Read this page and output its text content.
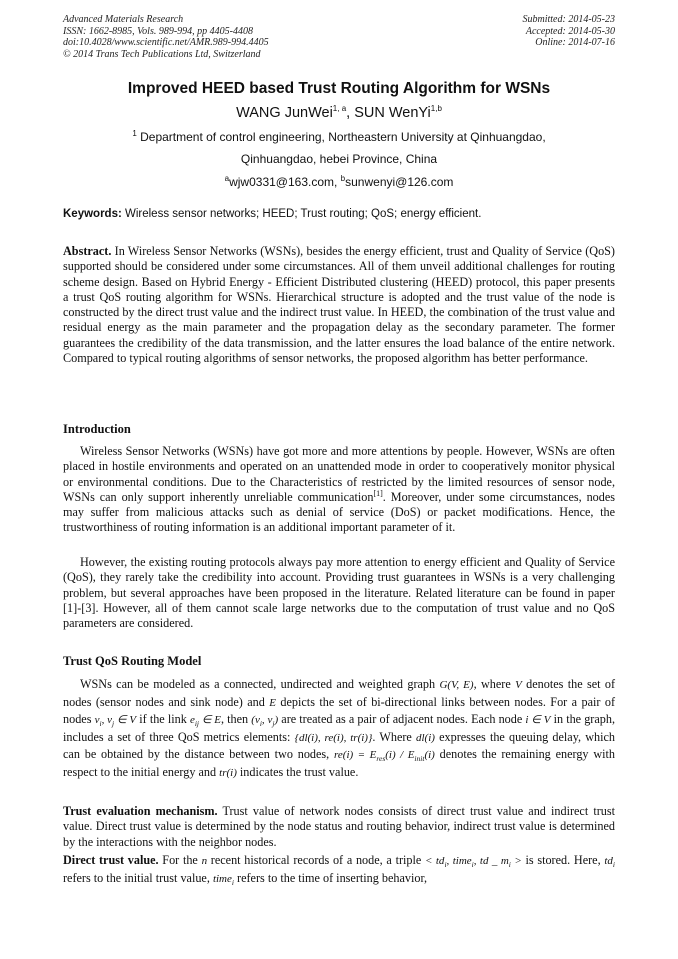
Advanced Materials Research
ISSN: 1662-8985, Vols. 989-994, pp 4405-4408
doi:10.4028/www.scientific.net/AMR.989-994.4405
© 2014 Trans Tech Publications Ltd, Switzerland
Submitted: 2014-05-23
Accepted: 2014-05-30
Online: 2014-07-16
Improved HEED based Trust Routing Algorithm for WSNs
WANG JunWei$^{1, a}$, SUN WenYi$^{1,b}$
$^1$ Department of control engineering, Northeastern University at Qinhuangdao,
Qinhuangdao, hebei Province, China
$^a$wjw0331@163.com, $^b$sunwenyi@126.com
Keywords: Wireless sensor networks; HEED; Trust routing; QoS; energy efficient.
Abstract. In Wireless Sensor Networks (WSNs), besides the energy efficient, trust and Quality of Service (QoS) supported should be considered under some circumstances. All of them unveil additional challenges for routing scheme design. Based on Hybrid Energy - Efficient Distributed clustering (HEED) protocol, this paper presents a trust QoS routing algorithm for WSNs. Hierarchical structure is adopted and the trust value of the node is constructed by the direct trust value and the indirect trust value. In HEED, the combination of the trust value and residual energy as the main parameter and the propagation delay as the secondary parameter. The former guarantees the credibility of the data transmission, and the latter ensures the load balance of the entire network. Compared to typical routing algorithms of sensor networks, the proposed algorithm has better performance.
Introduction
Wireless Sensor Networks (WSNs) have got more and more attentions by people. However, WSNs are often placed in hostile environments and operated on an unattended mode in order to cooperatively monitor physical or environmental conditions. Due to the Characteristics of restricted by the limited resources of sensor node, WSNs can only support inherently unreliable communication[1]. Moreover, under some circumstances, nodes may suffer from malicious attacks such as denial of service (DoS) or packet modifications. Hence, the trustworthiness of routing information is an additional important parameter of it.
However, the existing routing protocols always pay more attention to energy efficient and Quality of Service (QoS), they rarely take the credibility into account. Providing trust guarantees in WSNs is a very challenging problem, but several approaches have been proposed in the literature. Related literature can be found in paper [1]-[3]. However, all of them cannot scale large networks due to the computation of trust value and no QoS parameters are considered.
Trust QoS Routing Model
WSNs can be modeled as a connected, undirected and weighted graph G(V, E), where V denotes the set of nodes (sensor nodes and sink node) and E depicts the set of bi-directional links between nodes. For a pair of nodes $v_i$, $v_j$ ∈ V if the link $e_{ij}$ ∈ E, then ($v_i$, $v_j$) are treated as a pair of adjacent nodes. Each node i ∈ V in the graph, includes a set of three QoS metrics elements: {dl(i), re(i), tr(i)}. Where dl(i) expresses the queuing delay, which can be obtained by the distance between two nodes, $re(i) = E_{res}(i) / E_{init}(i)$ denotes the remaining energy with respect to the initial energy and tr(i) indicates the trust value.
Trust evaluation mechanism. Trust value of network nodes consists of direct trust value and indirect trust value. Direct trust value is determined by the node status and routing behavior, indirect trust value is determined by the interactions with the neighbor nodes.
Direct trust value. For the n recent historical records of a node, a triple < $td_i$, time$_i$, td _ $m_i$ > is stored. Here, $td_i$ refers to the initial trust value, time$_i$ refers to the time of inserting behavior,
